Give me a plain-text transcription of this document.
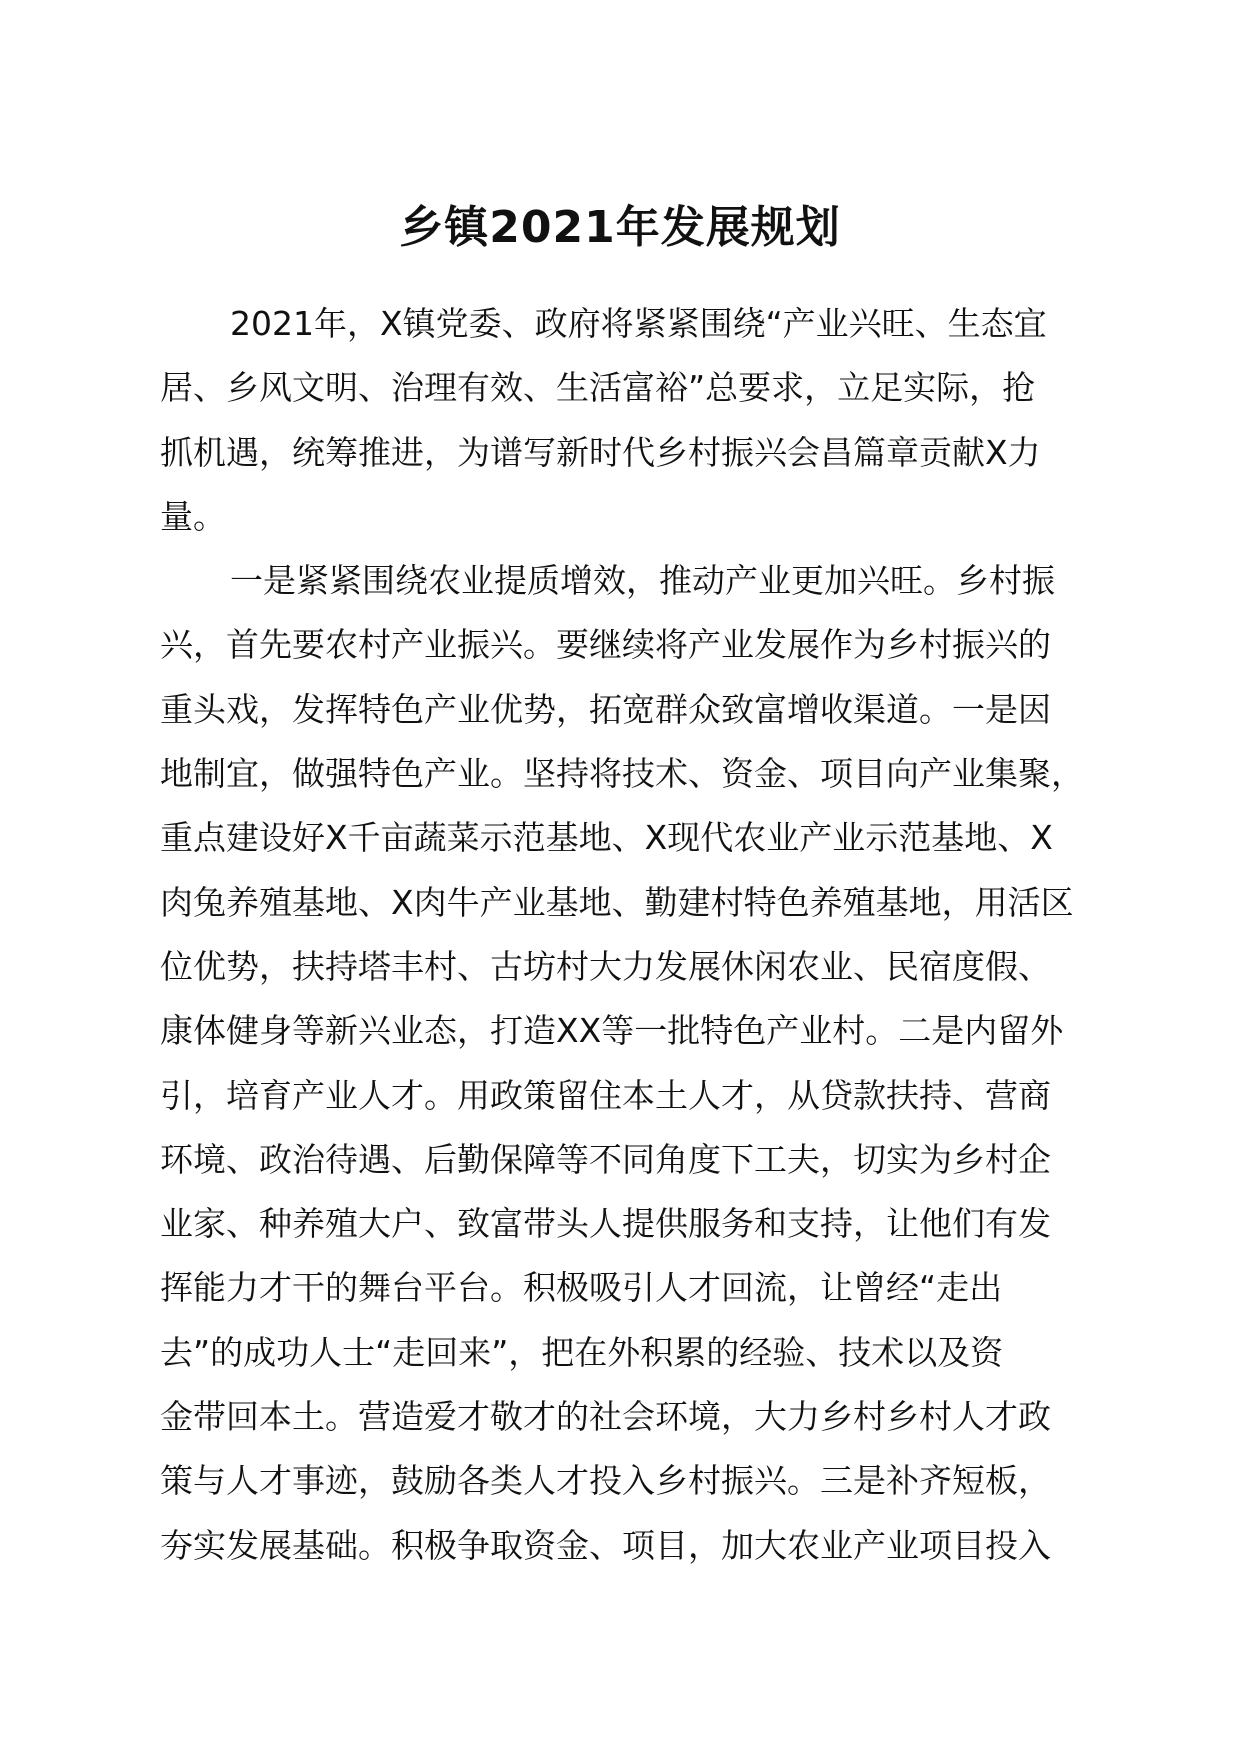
乡镇2021年发展规划
2021年，X镇党委、政府将紧紧围绕“产业兴旺、生态宜
居、乡风文明、治理有效、生活富裕”总要求，立足实际，抢
抓机遇，统筹推进，为谱写新时代乡村振兴会昌篇章贡献X力
量。
一是紧紧围绕农业提质增效，推动产业更加兴旺。乡村振
兴，首先要农村产业振兴。要继续将产业发展作为乡村振兴的
重头戏，发挥特色产业优势，拓宽群众致富增收渠道。一是因
地制宜，做强特色产业。坚持将技术、资金、项目向产业集聚，
重点建设好X千亩蔬菜示范基地、X现代农业产业示范基地、X
肉兔养殖基地、X肉牛产业基地、勤建村特色养殖基地，用活区
位优势，扶持塔丰村、古坊村大力发展休闲农业、民宿度假、
康体健身等新兴业态，打造XX等一批特色产业村。二是内留外
引，培育产业人才。用政策留住本土人才，从贷款扶持、营商
环境、政治待遇、后勤保障等不同角度下工夫，切实为乡村企
业家、种养殖大户、致富带头人提供服务和支持，让他们有发
挥能力才干的舞台平台。积极吸引人才回流，让曾经“走出
去”的成功人士“走回来”，把在外积累的经验、技术以及资
金带回本土。营造爱才敬才的社会环境，大力乡村乡村人才政
策与人才事迹，鼓励各类人才投入乡村振兴。三是补齐短板，
夯实发展基础。积极争取资金、项目，加大农业产业项目投入
